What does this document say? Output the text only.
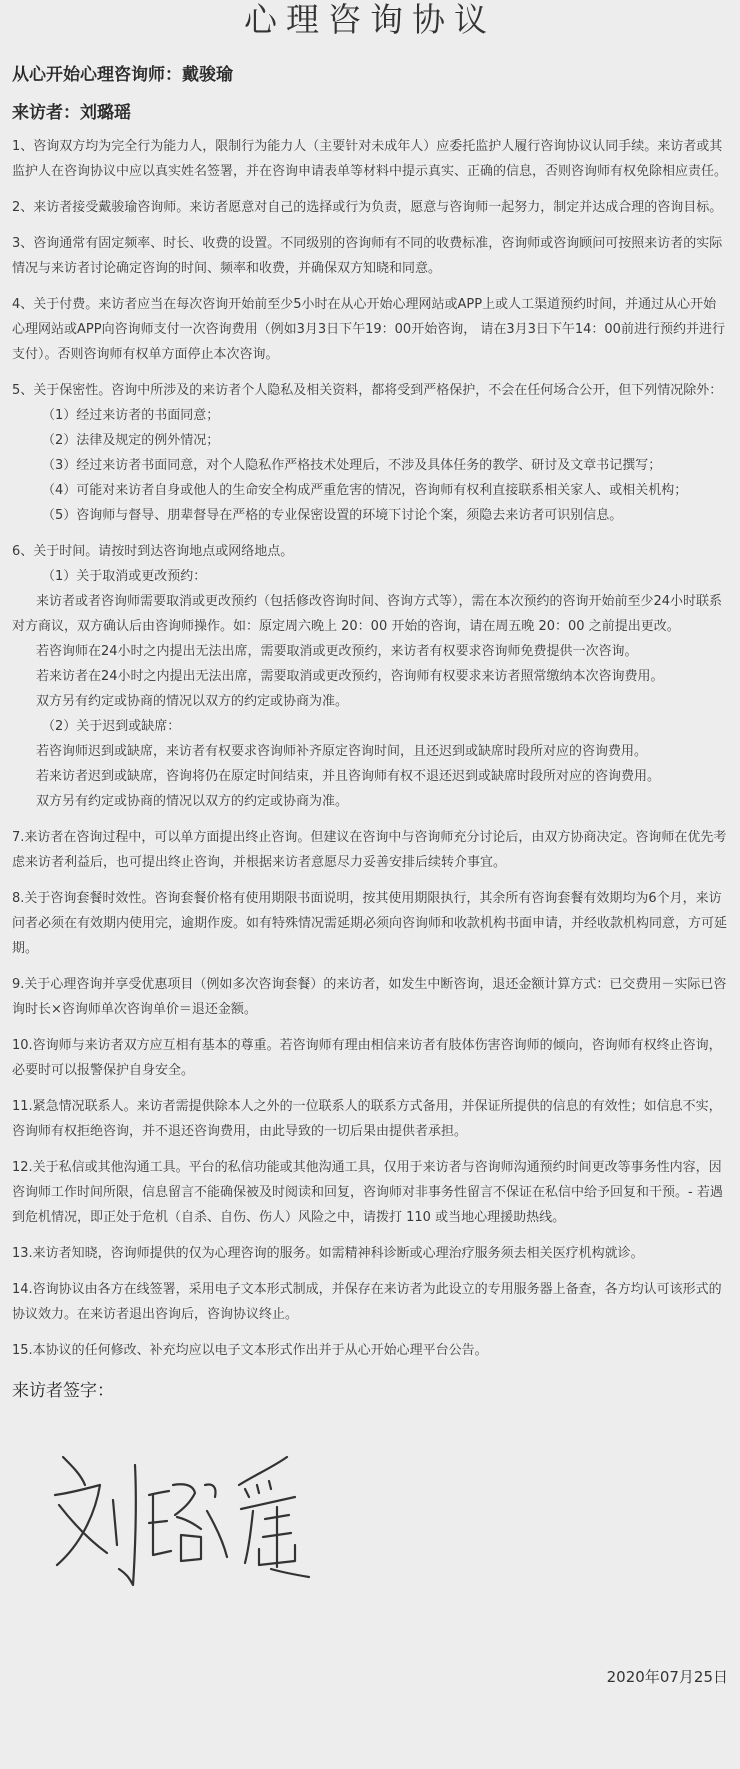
心理咨询协议
从心开始心理咨询师：戴骏瑜
来访者：刘璐瑶

1、咨询双方均为完全行为能力人，限制行为能力人（主要针对未成年人）应委托监护人履行咨询协议认同手续。来访者或其监护人在咨询协议中应以真实姓名签署，并在咨询申请表单等材料中提示真实、正确的信息，否则咨询师有权免除相应责任。

2、来访者接受戴骏瑜咨询师。来访者愿意对自己的选择或行为负责，愿意与咨询师一起努力，制定并达成合理的咨询目标。

3、咨询通常有固定频率、时长、收费的设置。不同级别的咨询师有不同的收费标准，咨询师或咨询顾问可按照来访者的实际情况与来访者讨论确定咨询的时间、频率和收费，并确保双方知晓和同意。

4、关于付费。来访者应当在每次咨询开始前至少5小时在从心开始心理网站或APP上或人工渠道预约时间，并通过从心开始心理网站或APP向咨询师支付一次咨询费用（例如3月3日下午19：00开始咨询， 请在3月3日下午14：00前进行预约并进行支付）。否则咨询师有权单方面停止本次咨询。

5、关于保密性。咨询中所涉及的来访者个人隐私及相关资料，都将受到严格保护，不会在任何场合公开，但下列情况除外：
（1）经过来访者的书面同意；
（2）法律及规定的例外情况；
（3）经过来访者书面同意，对个人隐私作严格技术处理后，不涉及具体任务的教学、研讨及文章书记撰写；
（4）可能对来访者自身或他人的生命安全构成严重危害的情况，咨询师有权利直接联系相关家人、或相关机构；
（5）咨询师与督导、朋辈督导在严格的专业保密设置的环境下讨论个案，须隐去来访者可识别信息。
6、关于时间。请按时到达咨询地点或网络地点。
（1）关于取消或更改预约：
来访者或者咨询师需要取消或更改预约（包括修改咨询时间、咨询方式等），需在本次预约的咨询开始前至少24小时联系对方商议，双方确认后由咨询师操作。如：原定周六晚上 20：00 开始的咨询，请在周五晚 20：00 之前提出更改。
若咨询师在24小时之内提出无法出席，需要取消或更改预约，来访者有权要求咨询师免费提供一次咨询。
若来访者在24小时之内提出无法出席，需要取消或更改预约，咨询师有权要求来访者照常缴纳本次咨询费用。
双方另有约定或协商的情况以双方的约定或协商为准。
（2）关于迟到或缺席：
若咨询师迟到或缺席，来访者有权要求咨询师补齐原定咨询时间，且还迟到或缺席时段所对应的咨询费用。
若来访者迟到或缺席，咨询将仍在原定时间结束，并且咨询师有权不退还迟到或缺席时段所对应的咨询费用。
双方另有约定或协商的情况以双方的约定或协商为准。

7.来访者在咨询过程中，可以单方面提出终止咨询。但建议在咨询中与咨询师充分讨论后，由双方协商决定。咨询师在优先考虑来访者利益后，也可提出终止咨询，并根据来访者意愿尽力妥善安排后续转介事宜。

8.关于咨询套餐时效性。咨询套餐价格有使用期限书面说明，按其使用期限执行，其余所有咨询套餐有效期均为6个月，来访问者必须在有效期内使用完，逾期作废。如有特殊情况需延期必须向咨询师和收款机构书面申请，并经收款机构同意，方可延期。

9.关于心理咨询并享受优惠项目（例如多次咨询套餐）的来访者，如发生中断咨询，退还金额计算方式：已交费用－实际已咨询时长×咨询师单次咨询单价＝退还金额。

10.咨询师与来访者双方应互相有基本的尊重。若咨询师有理由相信来访者有肢体伤害咨询师的倾向，咨询师有权终止咨询， 必要时可以报警保护自身安全。

11.紧急情况联系人。来访者需提供除本人之外的一位联系人的联系方式备用，并保证所提供的信息的有效性；如信息不实，咨询师有权拒绝咨询，并不退还咨询费用，由此导致的一切后果由提供者承担。

12.关于私信或其他沟通工具。平台的私信功能或其他沟通工具，仅用于来访者与咨询师沟通预约时间更改等事务性内容，因咨询师工作时间所限，信息留言不能确保被及时阅读和回复，咨询师对非事务性留言不保证在私信中给予回复和干预。- 若遇到危机情况，即正处于危机（自杀、自伤、伤人）风险之中，请拨打 110 或当地心理援助热线。

13.来访者知晓，咨询师提供的仅为心理咨询的服务。如需精神科诊断或心理治疗服务须去相关医疗机构就诊。

14.咨询协议由各方在线签署，采用电子文本形式制成，并保存在来访者为此设立的专用服务器上备查，各方均认可该形式的协议效力。在来访者退出咨询后，咨询协议终止。

15.本协议的任何修改、补充均应以电子文本形式作出并于从心开始心理平台公告。

来访者签字：
2020年07月25日
